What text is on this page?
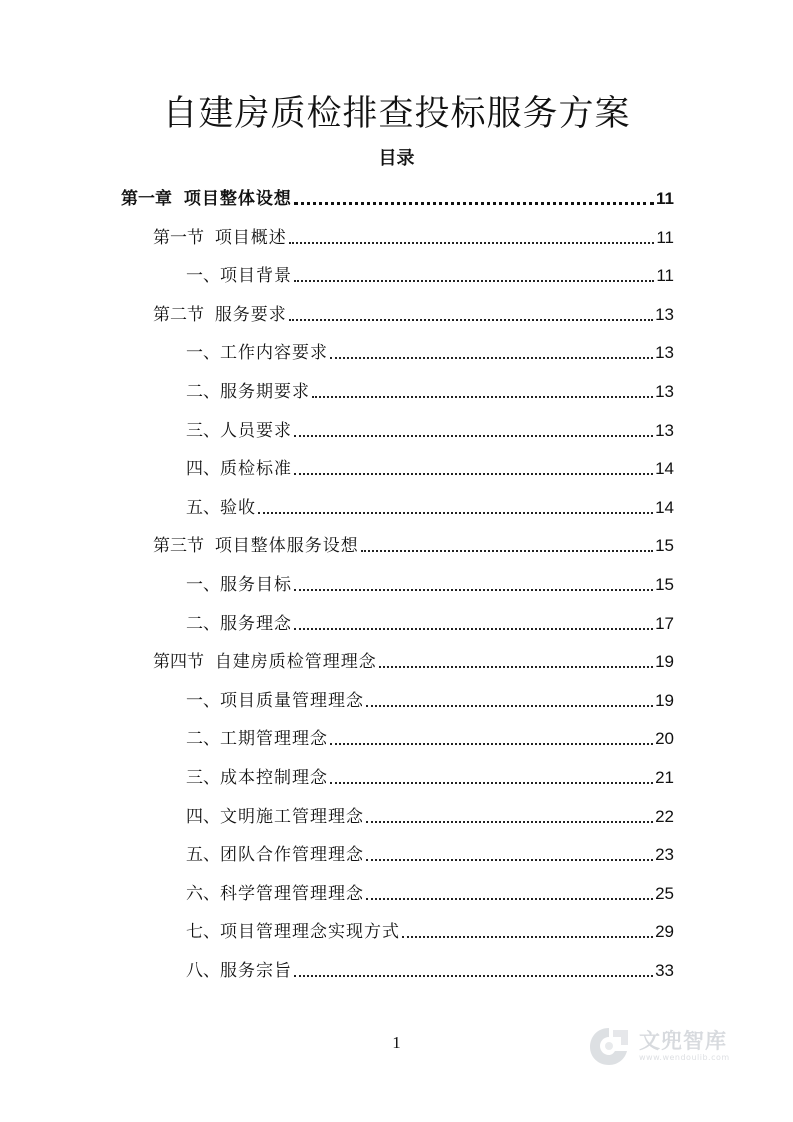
自建房质检排查投标服务方案
目录
第一章 项目整体设想	11
第一节 项目概述	11
一、 项目背景	11
第二节 服务要求	13
一、 工作内容要求	13
二、 服务期要求	13
三、 人员要求	13
四、 质检标准	14
五、 验收	14
第三节 项目整体服务设想	15
一、 服务目标	15
二、 服务理念	17
第四节 自建房质检管理理念	19
一、 项目质量管理理念	19
二、 工期管理理念	20
三、 成本控制理念	21
四、 文明施工管理理念	22
五、 团队合作管理理念	23
六、 科学管理管理理念	25
七、 项目管理理念实现方式	29
八、 服务宗旨	33
1	文兜智库
www.wendoulib.com
